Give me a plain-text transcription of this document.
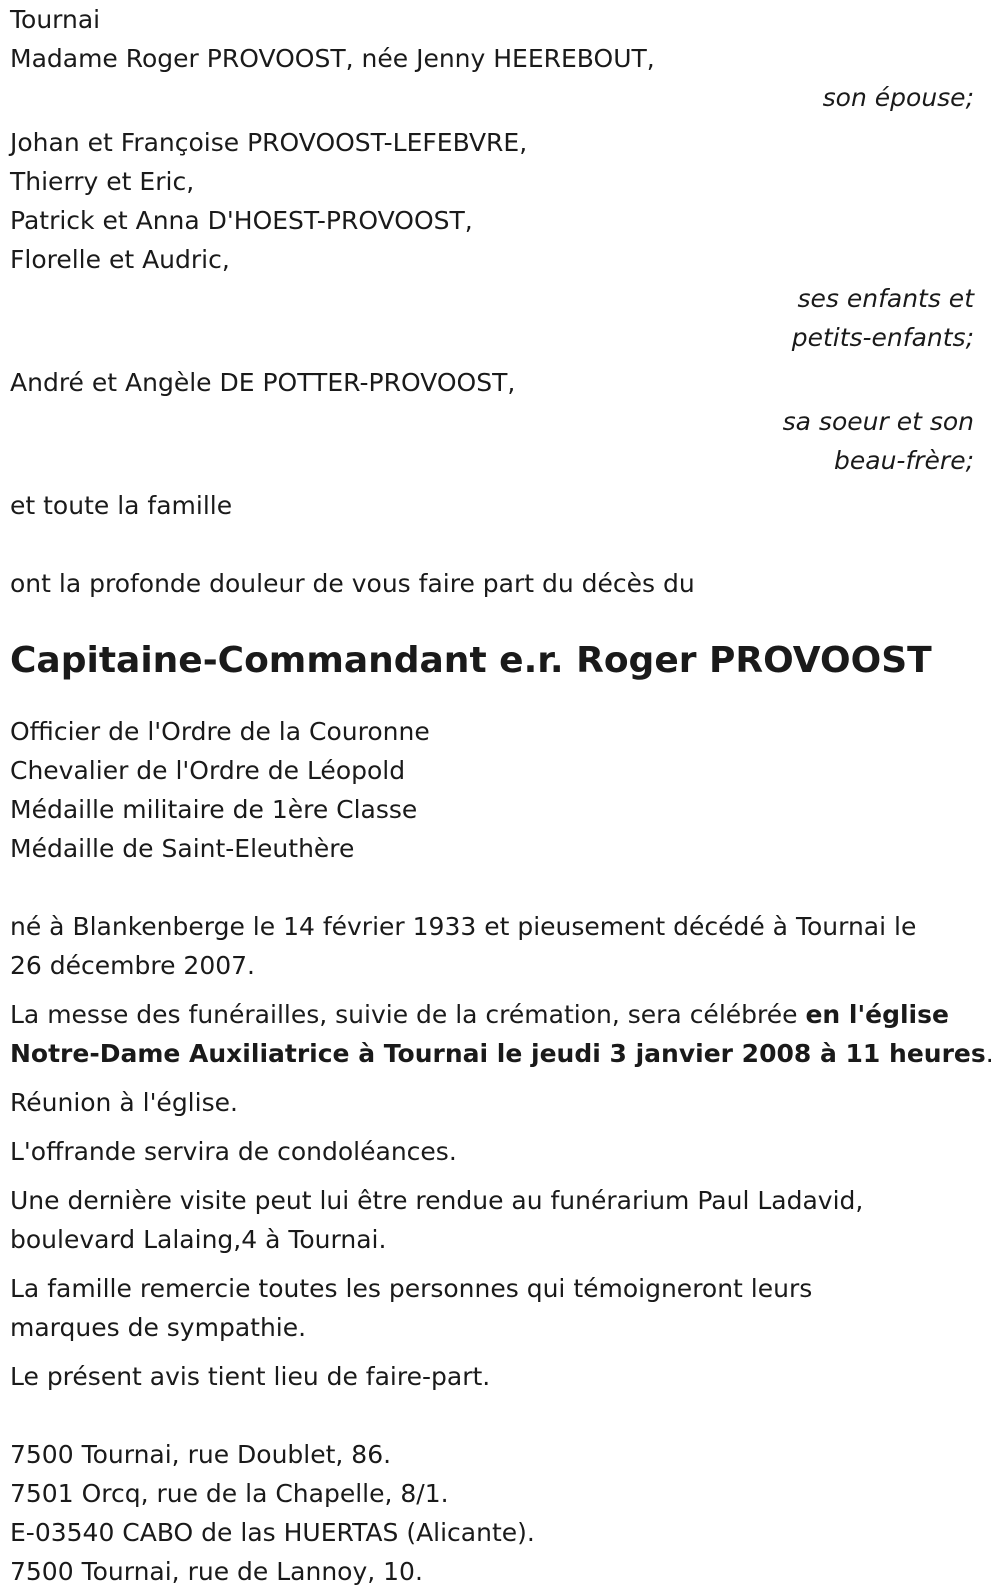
Tournai
Madame Roger PROVOOST, née Jenny HEEREBOUT,
son épouse;
Johan et Françoise PROVOOST-LEFEBVRE,
Thierry et Eric,
Patrick et Anna D'HOEST-PROVOOST,
Florelle et Audric,
ses enfants et
petits-enfants;
André et Angèle DE POTTER-PROVOOST,
sa soeur et son
beau-frère;
et toute la famille
ont la profonde douleur de vous faire part du décès du
Capitaine-Commandant e.r. Roger PROVOOST
Officier de l'Ordre de la Couronne
Chevalier de l'Ordre de Léopold
Médaille militaire de 1ère Classe
Médaille de Saint-Eleuthère
né à Blankenberge le 14 février 1933 et pieusement décédé à Tournai le
26 décembre 2007.
La messe des funérailles, suivie de la crémation, sera célébrée en l'église
Notre-Dame Auxiliatrice à Tournai le jeudi 3 janvier 2008 à 11 heures.
Réunion à l'église.
L'offrande servira de condoléances.
Une dernière visite peut lui être rendue au funérarium Paul Ladavid,
boulevard Lalaing,4 à Tournai.
La famille remercie toutes les personnes qui témoigneront leurs
marques de sympathie.
Le présent avis tient lieu de faire-part.
7500 Tournai, rue Doublet, 86.
7501 Orcq, rue de la Chapelle, 8/1.
E-03540 CABO de las HUERTAS (Alicante).
7500 Tournai, rue de Lannoy, 10.
